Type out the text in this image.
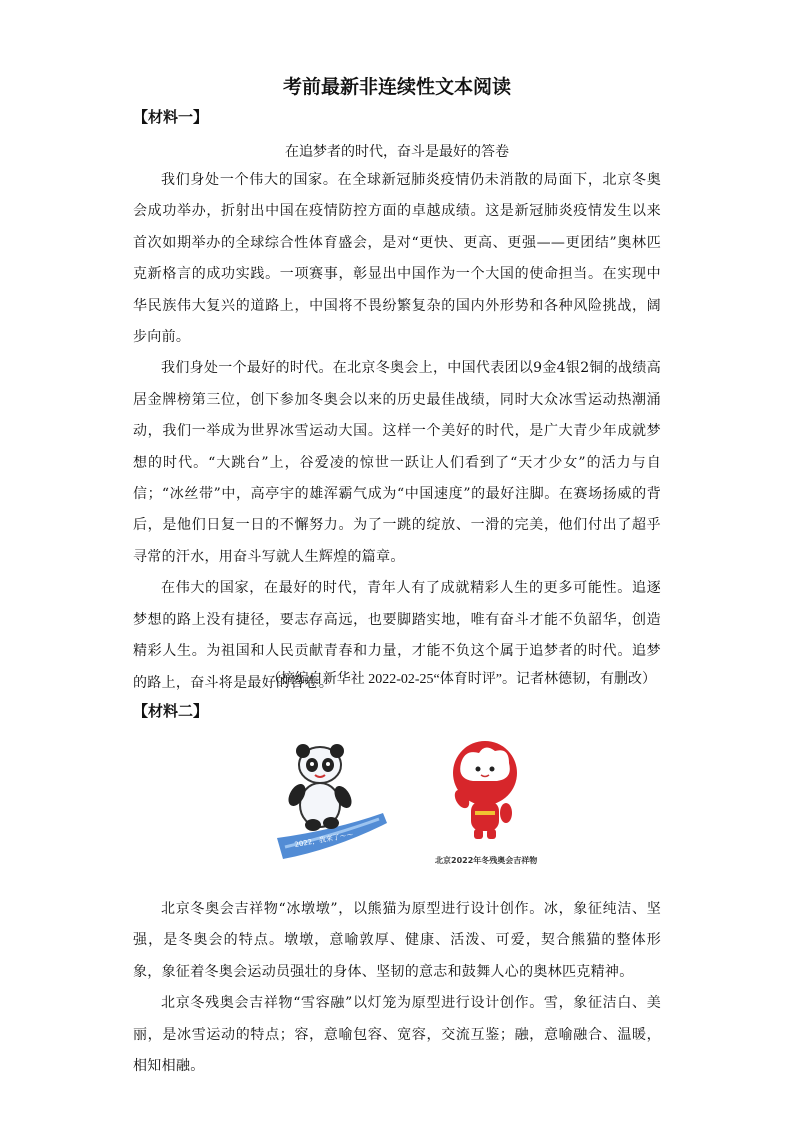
考前最新非连续性文本阅读
【材料一】
在追梦者的时代，奋斗是最好的答卷

我们身处一个伟大的国家。在全球新冠肺炎疫情仍未消散的局面下，北京冬奥会成功举办，折射出中国在疫情防控方面的卓越成绩。这是新冠肺炎疫情发生以来首次如期举办的全球综合性体育盛会，是对“更快、更高、更强——更团结”奥林匹克新格言的成功实践。一项赛事，彰显出中国作为一个大国的使命担当。在实现中华民族伟大复兴的道路上，中国将不畏纷繁复杂的国内外形势和各种风险挑战，阔步向前。

我们身处一个最好的时代。在北京冬奥会上，中国代表团以9金4银2铜的战绩高居金牌榜第三位，创下参加冬奥会以来的历史最佳战绩，同时大众冰雪运动热潮涌动，我们一举成为世界冰雪运动大国。这样一个美好的时代，是广大青少年成就梦想的时代。“大跳台”上，谷爱凌的惊世一跃让人们看到了“天才少女”的活力与自信；“冰丝带”中，高亭宇的雄浑霸气成为“中国速度”的最好注脚。在赛场扬威的背后，是他们日复一日的不懈努力。为了一跳的绽放、一滑的完美，他们付出了超乎寻常的汗水，用奋斗写就人生辉煌的篇章。

在伟大的国家，在最好的时代，青年人有了成就精彩人生的更多可能性。追逐梦想的路上没有捷径，要志存高远，也要脚踏实地，唯有奋斗才能不负韶华，创造精彩人生。为祖国和人民贡献青春和力量，才能不负这个属于追梦者的时代。追梦的路上，奋斗将是最好的答卷。

（摘编自新华社 2022-02-25“体育时评”。记者林德韧，有删改）
【材料二】
2022，我来了～～
北京2022年冬残奥会吉祥物

北京冬奥会吉祥物“冰墩墩”，以熊猫为原型进行设计创作。冰，象征纯洁、坚强，是冬奥会的特点。墩墩，意喻敦厚、健康、活泼、可爱，契合熊猫的整体形象，象征着冬奥会运动员强壮的身体、坚韧的意志和鼓舞人心的奥林匹克精神。

北京冬残奥会吉祥物“雪容融”以灯笼为原型进行设计创作。雪，象征洁白、美丽，是冰雪运动的特点；容，意喻包容、宽容，交流互鉴；融，意喻融合、温暖，相知相融。
